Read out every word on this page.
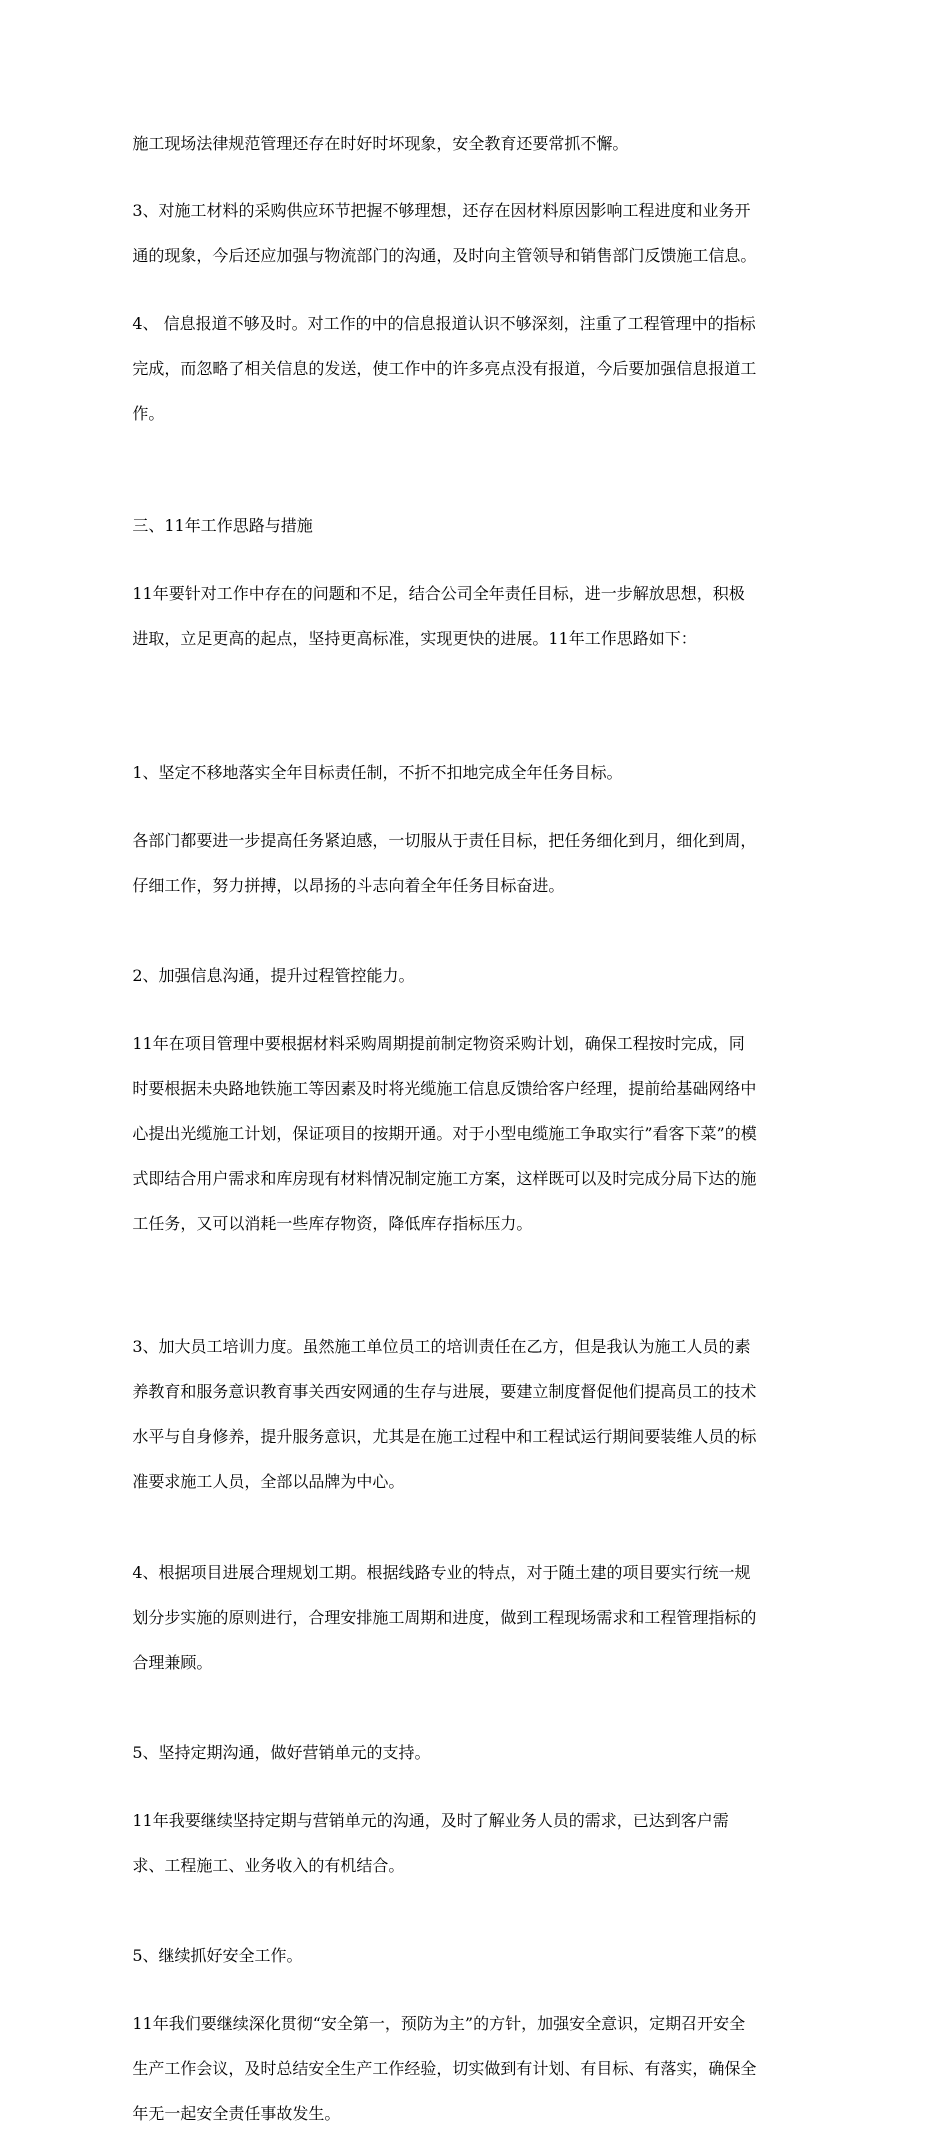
施工现场法律规范管理还存在时好时坏现象，安全教育还要常抓不懈。

3、对施工材料的采购供应环节把握不够理想，还存在因材料原因影响工程进度和业务开

通的现象，今后还应加强与物流部门的沟通，及时向主管领导和销售部门反馈施工信息。

4、 信息报道不够及时。对工作的中的信息报道认识不够深刻，注重了工程管理中的指标

完成，而忽略了相关信息的发送，使工作中的许多亮点没有报道，今后要加强信息报道工

作。

三、11年工作思路与措施

11年要针对工作中存在的问题和不足，结合公司全年责任目标，进一步解放思想，积极

进取，立足更高的起点，坚持更高标准，实现更快的进展。11年工作思路如下：

1、坚定不移地落实全年目标责任制，不折不扣地完成全年任务目标。

各部门都要进一步提高任务紧迫感，一切服从于责任目标，把任务细化到月，细化到周，

仔细工作，努力拼搏，以昂扬的斗志向着全年任务目标奋进。

2、加强信息沟通，提升过程管控能力。

11年在项目管理中要根据材料采购周期提前制定物资采购计划，确保工程按时完成，同

时要根据未央路地铁施工等因素及时将光缆施工信息反馈给客户经理，提前给基础网络中

心提出光缆施工计划，保证项目的按期开通。对于小型电缆施工争取实行”看客下菜”的模

式即结合用户需求和库房现有材料情况制定施工方案，这样既可以及时完成分局下达的施

工任务，又可以消耗一些库存物资，降低库存指标压力。

3、加大员工培训力度。虽然施工单位员工的培训责任在乙方，但是我认为施工人员的素

养教育和服务意识教育事关西安网通的生存与进展，要建立制度督促他们提高员工的技术

水平与自身修养，提升服务意识，尤其是在施工过程中和工程试运行期间要装维人员的标

准要求施工人员，全部以品牌为中心。

4、根据项目进展合理规划工期。根据线路专业的特点，对于随土建的项目要实行统一规

划分步实施的原则进行，合理安排施工周期和进度，做到工程现场需求和工程管理指标的

合理兼顾。

5、坚持定期沟通，做好营销单元的支持。

11年我要继续坚持定期与营销单元的沟通，及时了解业务人员的需求，已达到客户需

求、工程施工、业务收入的有机结合。

5、继续抓好安全工作。

11年我们要继续深化贯彻“安全第一，预防为主”的方针，加强安全意识，定期召开安全

生产工作会议，及时总结安全生产工作经验，切实做到有计划、有目标、有落实，确保全

年无一起安全责任事故发生。
